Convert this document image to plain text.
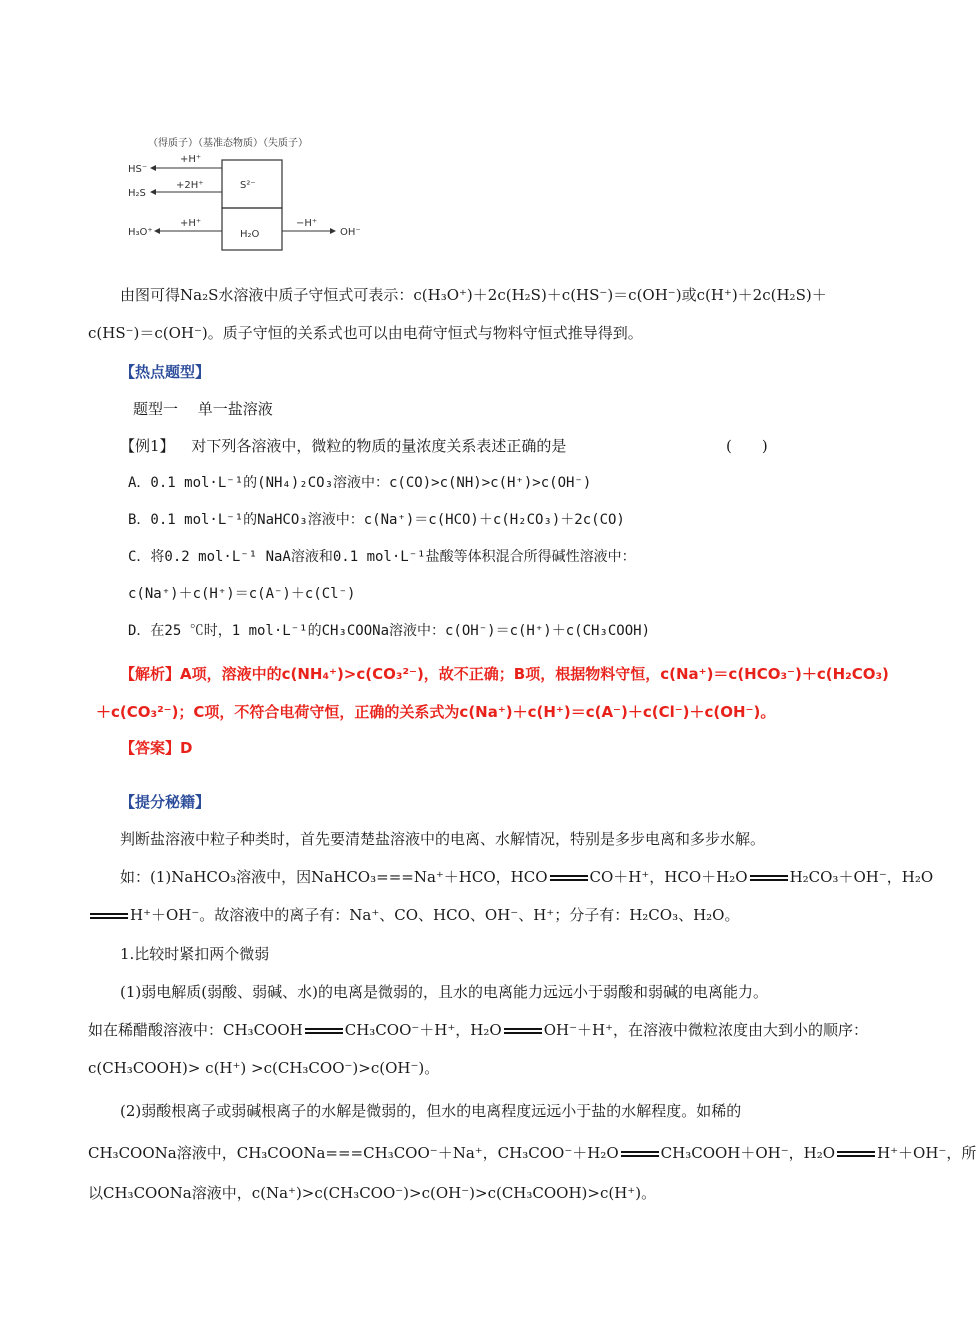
（得质子）（基准态物质）（失质子）
S²⁻
H₂O
HS⁻
H₂S
H₃O⁺
+H⁺
+2H⁺
+H⁺	−H⁺
OH⁻
由图可得Na₂S水溶液中质子守恒式可表示：c(H₃O⁺)＋2c(H₂S)＋c(HS⁻)＝c(OH⁻)或c(H⁺)＋2c(H₂S)＋
c(HS⁻)＝c(OH⁻)。质子守恒的关系式也可以由电荷守恒式与物料守恒式推导得到。
【热点题型】
题型一　 单一盐溶液
【例1】 对下列各溶液中，微粒的物质的量浓度关系表述正确的是	(　　)
A．0.1 mol·L⁻¹的(NH₄)₂CO₃溶液中：c(CO)>c(NH)>c(H⁺)>c(OH⁻)
B．0.1 mol·L⁻¹的NaHCO₃溶液中：c(Na⁺)＝c(HCO)＋c(H₂CO₃)＋2c(CO)
C．将0.2 mol·L⁻¹ NaA溶液和0.1 mol·L⁻¹盐酸等体积混合所得碱性溶液中：
c(Na⁺)＋c(H⁺)＝c(A⁻)＋c(Cl⁻)
D．在25 ℃时，1 mol·L⁻¹的CH₃COONa溶液中：c(OH⁻)＝c(H⁺)＋c(CH₃COOH)
【解析】A项，溶液中的c(NH₄⁺)>c(CO₃²⁻)，故不正确；B项，根据物料守恒，c(Na⁺)＝c(HCO₃⁻)＋c(H₂CO₃)
＋c(CO₃²⁻)；C项，不符合电荷守恒，正确的关系式为c(Na⁺)＋c(H⁺)＝c(A⁻)＋c(Cl⁻)＋c(OH⁻)。
【答案】D
【提分秘籍】
判断盐溶液中粒子种类时，首先要清楚盐溶液中的电离、水解情况，特别是多步电离和多步水解。
如：(1)NaHCO₃溶液中，因NaHCO₃===Na⁺＋HCO，HCO	CO＋H⁺，HCO＋H₂O	H₂CO₃＋OH⁻，H₂O
H⁺＋OH⁻。故溶液中的离子有：Na⁺、CO、HCO、OH⁻、H⁺；分子有：H₂CO₃、H₂O。
1.比较时紧扣两个微弱
(1)弱电解质(弱酸、弱碱、水)的电离是微弱的，且水的电离能力远远小于弱酸和弱碱的电离能力。
如在稀醋酸溶液中：CH₃COOH	CH₃COO⁻＋H⁺，H₂O	OH⁻＋H⁺，在溶液中微粒浓度由大到小的顺序：
c(CH₃COOH)> c(H⁺) >c(CH₃COO⁻)>c(OH⁻)。
(2)弱酸根离子或弱碱根离子的水解是微弱的，但水的电离程度远远小于盐的水解程度。如稀的
CH₃COONa溶液中，CH₃COONa===CH₃COO⁻＋Na⁺，CH₃COO⁻＋H₂O	CH₃COOH＋OH⁻，H₂O	H⁺＋OH⁻，所
以CH₃COONa溶液中，c(Na⁺)>c(CH₃COO⁻)>c(OH⁻)>c(CH₃COOH)>c(H⁺)。
